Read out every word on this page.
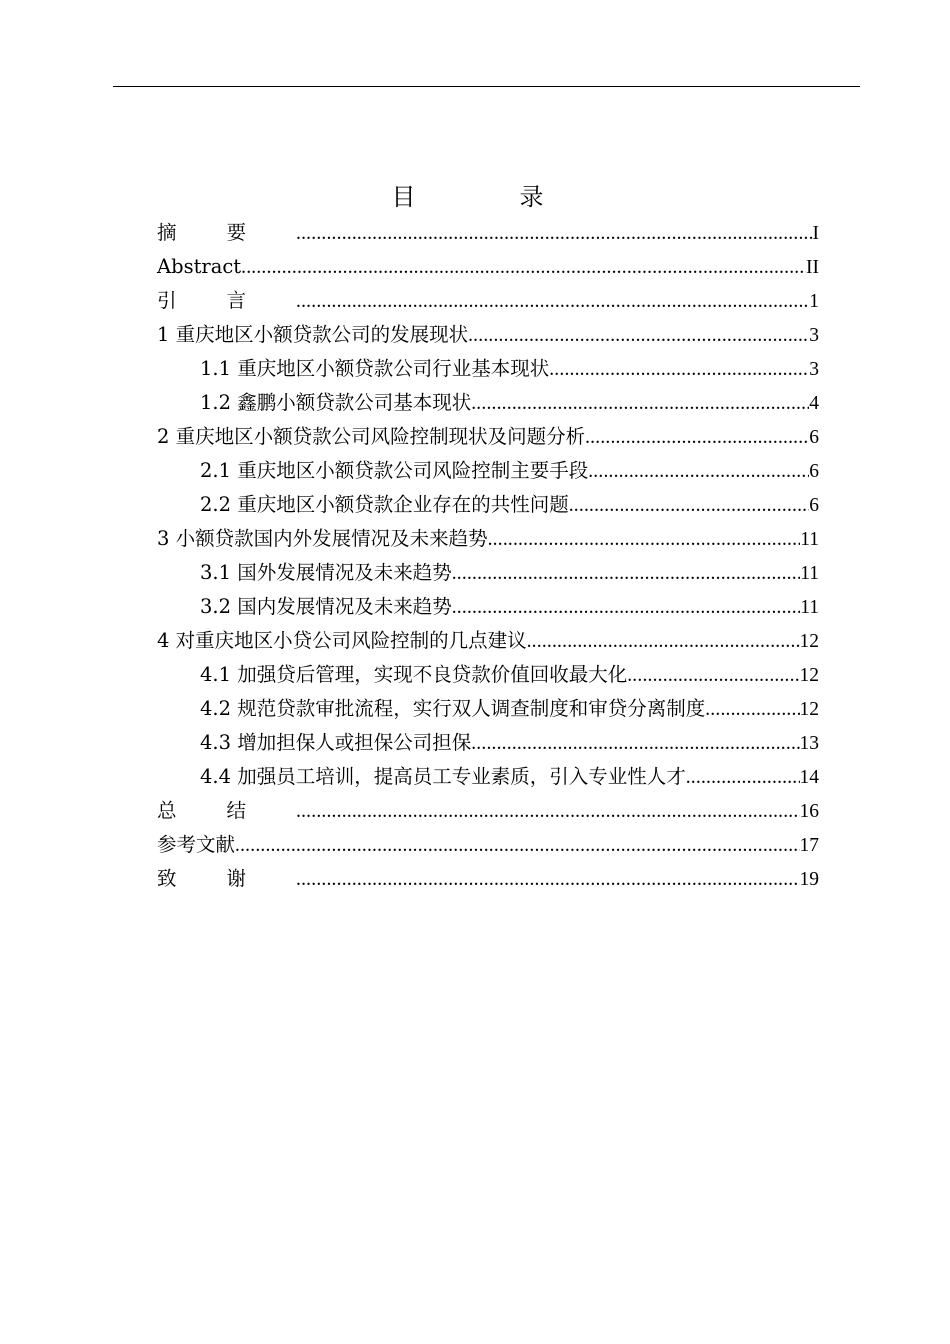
目　录
摘要 .....	I
Abstract .....	II
引言 .....	1
1 重庆地区小额贷款公司的发展现状 .....	3
1.1 重庆地区小额贷款公司行业基本现状 .....	3
1.2 鑫鹏小额贷款公司基本现状 .....	4
2 重庆地区小额贷款公司风险控制现状及问题分析 .....	6
2.1 重庆地区小额贷款公司风险控制主要手段 .....	6
2.2 重庆地区小额贷款企业存在的共性问题 .....	6
3 小额贷款国内外发展情况及未来趋势 .....	11
3.1 国外发展情况及未来趋势 .....	11
3.2 国内发展情况及未来趋势 .....	11
4 对重庆地区小贷公司风险控制的几点建议 .....	12
4.1 加强贷后管理，实现不良贷款价值回收最大化 .....	12
4.2 规范贷款审批流程，实行双人调查制度和审贷分离制度 .....	12
4.3 增加担保人或担保公司担保 .....	13
4.4 加强员工培训，提高员工专业素质，引入专业性人才 .....	14
总结 .....	16
参考文献 .....	17
致谢 .....	19
